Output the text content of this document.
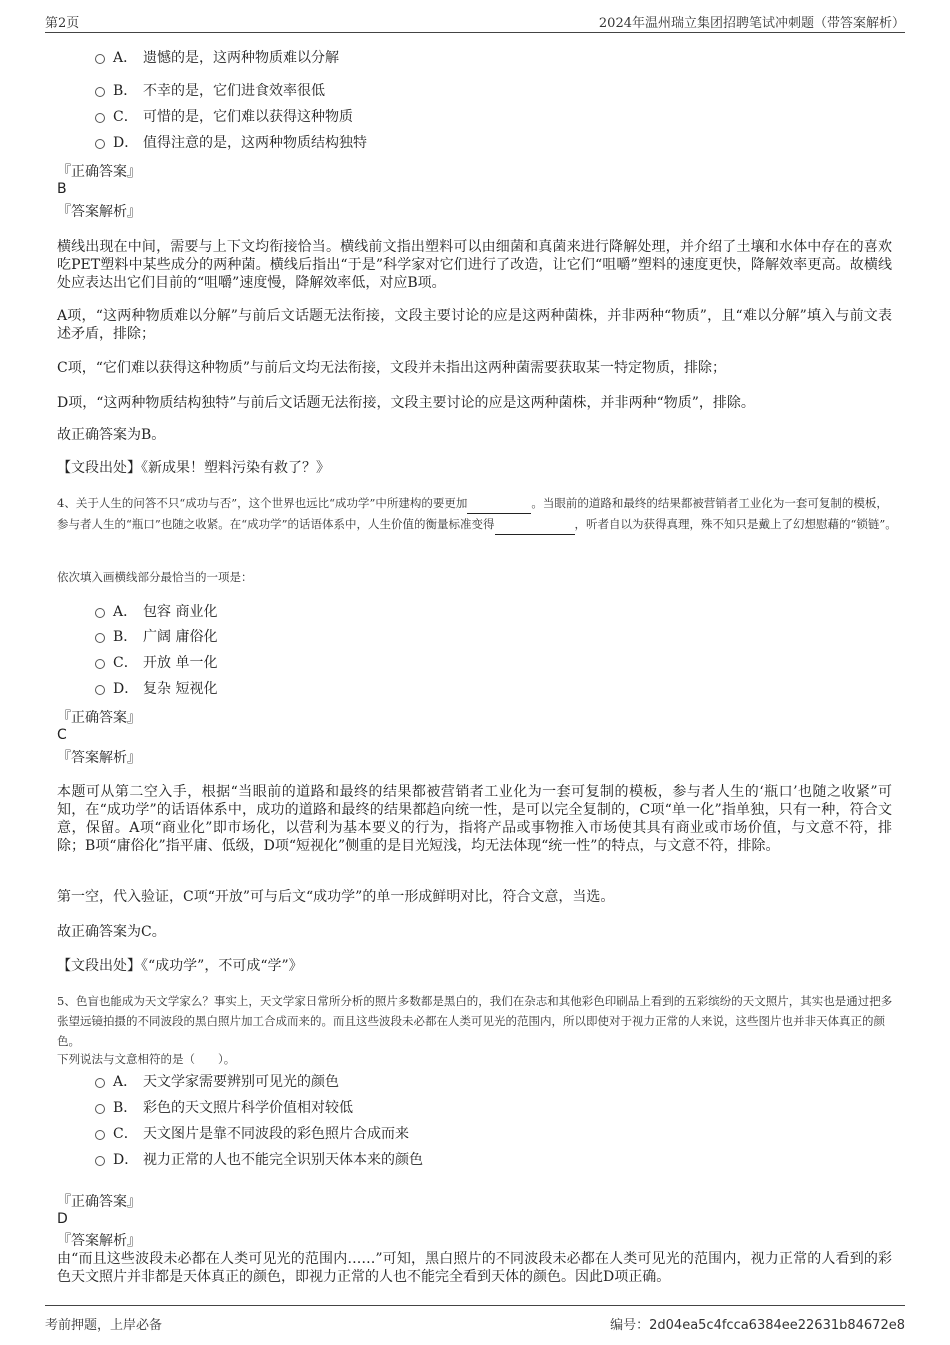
第2页	2024年温州瑞立集团招聘笔试冲刺题（带答案解析）
A． 遗憾的是，这两种物质难以分解
B． 不幸的是，它们进食效率很低
C． 可惜的是，它们难以获得这种物质
D． 值得注意的是，这两种物质结构独特
『正确答案』
B
『答案解析』
横线出现在中间，需要与上下文均衔接恰当。横线前文指出塑料可以由细菌和真菌来进行降解处理，并介绍了土壤和水体中存在的喜欢吃PET塑料中某些成分的两种菌。横线后指出“于是”科学家对它们进行了改造，让它们“咀嚼”塑料的速度更快，降解效率更高。故横线处应表达出它们目前的“咀嚼”速度慢，降解效率低，对应B项。
A项，“这两种物质难以分解”与前后文话题无法衔接，文段主要讨论的应是这两种菌株，并非两种“物质”，且“难以分解”填入与前文表述矛盾，排除；
C项，“它们难以获得这种物质”与前后文均无法衔接，文段并未指出这两种菌需要获取某一特定物质，排除；
D项，“这两种物质结构独特”与前后文话题无法衔接，文段主要讨论的应是这两种菌株，并非两种“物质”，排除。
故正确答案为B。
【文段出处】《新成果！塑料污染有救了？》
4、关于人生的问答不只“成功与否”，这个世界也远比“成功学”中所建构的要更加	。当眼前的道路和最终的结果都被营销者工业化为一套可复制的模板，参与者人生的“瓶口”也随之收紧。在“成功学”的话语体系中，人生价值的衡量标准变得	，听者自以为获得真理，殊不知只是戴上了幻想慰藉的“锁链”。
依次填入画横线部分最恰当的一项是：
A． 包容 商业化
B． 广阔 庸俗化
C． 开放 单一化
D． 复杂 短视化
『正确答案』
C
『答案解析』
本题可从第二空入手，根据“当眼前的道路和最终的结果都被营销者工业化为一套可复制的模板，参与者人生的‘瓶口’也随之收紧”可知，在“成功学”的话语体系中，成功的道路和最终的结果都趋向统一性，是可以完全复制的，C项“单一化”指单独，只有一种，符合文意，保留。A项“商业化”即市场化，以营利为基本要义的行为，指将产品或事物推入市场使其具有商业或市场价值，与文意不符，排除；B项“庸俗化”指平庸、低级，D项“短视化”侧重的是目光短浅，均无法体现“统一性”的特点，与文意不符，排除。
第一空，代入验证，C项“开放”可与后文“成功学”的单一形成鲜明对比，符合文意，当选。
故正确答案为C。
【文段出处】《“成功学”，不可成“学”》
5、色盲也能成为天文学家么？事实上，天文学家日常所分析的照片多数都是黑白的，我们在杂志和其他彩色印刷品上看到的五彩缤纷的天文照片，其实也是通过把多张望远镜拍摄的不同波段的黑白照片加工合成而来的。而且这些波段未必都在人类可见光的范围内，所以即使对于视力正常的人来说，这些图片也并非天体真正的颜色。
下列说法与文意相符的是（　　）。
A． 天文学家需要辨别可见光的颜色
B． 彩色的天文照片科学价值相对较低
C． 天文图片是靠不同波段的彩色照片合成而来
D． 视力正常的人也不能完全识别天体本来的颜色
『正确答案』
D
『答案解析』
由“而且这些波段未必都在人类可见光的范围内……”可知，黑白照片的不同波段未必都在人类可见光的范围内，视力正常的人看到的彩色天文照片并非都是天体真正的颜色，即视力正常的人也不能完全看到天体的颜色。因此D项正确。
考前押题，上岸必备	编号：2d04ea5c4fcca6384ee22631b84672e8
